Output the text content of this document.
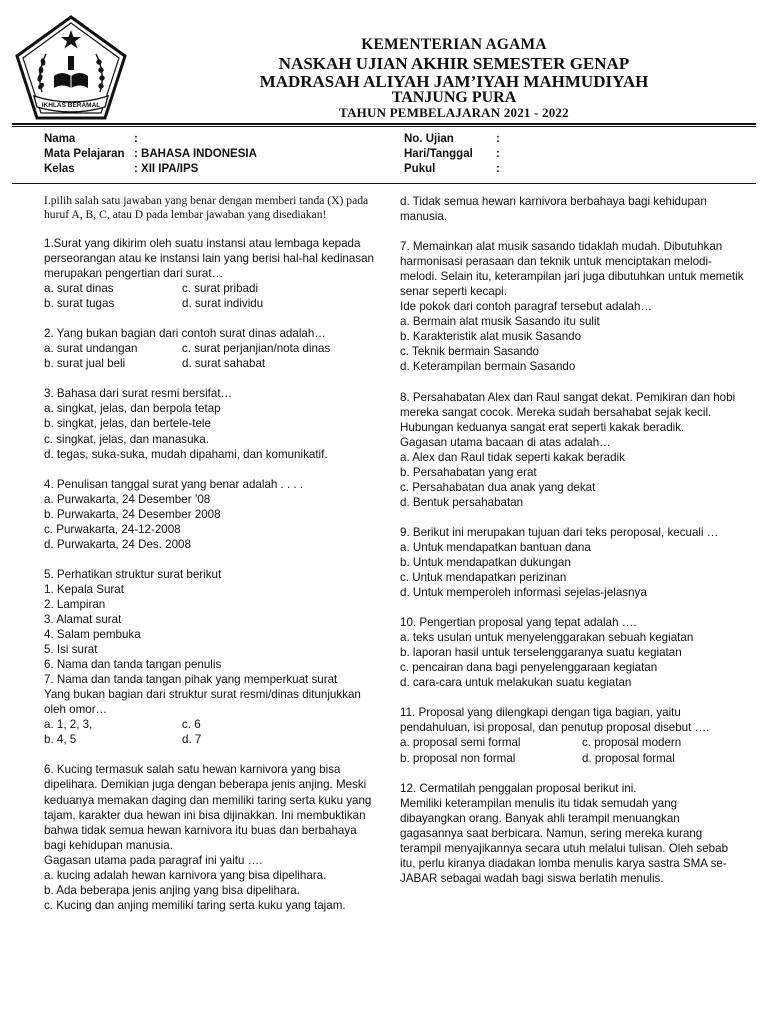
IKHLAS BERAMAL
KEMENTERIAN AGAMA
NASKAH UJIAN AKHIR SEMESTER GENAP
MADRASAH ALIYAH JAM’IYAH MAHMUDIYAH
TANJUNG PURA
TAHUN PEMBELAJARAN 2021 - 2022
Nama	:
Mata Pelajaran : BAHASA INDONESIA
Kelas	: XII IPA/IPS
No. Ujian	:
Hari/Tanggal :
Pukul	:

I.pilih salah satu jawaban yang benar dengan memberi tanda (X) pada huruf A, B, C, atau D pada lembar jawaban yang disediakan!

1.Surat yang dikirim oleh suatu instansi atau lembaga kepada perseorangan atau ke instansi lain yang berisi hal-hal kedinasan merupakan pengertian dari surat…

a. surat dinas	c. surat pribadi
b. surat tugas	d. surat individu

2. Yang bukan bagian dari contoh surat dinas adalah…

a. surat undangan	c. surat perjanjian/nota dinas
b. surat jual beli	d. surat sahabat

3. Bahasa dari surat resmi bersifat…

a. singkat, jelas, dan berpola tetap

b. singkat, jelas, dan bertele-tele

c. singkat, jelas, dan manasuka.

d. tegas, suka-suka, mudah dipahami, dan komunikatif.

4. Penulisan tanggal surat yang benar adalah . . . .

a. Purwakarta, 24 Desember ’08

b. Purwakarta, 24 Desember 2008

c. Purwakarta, 24-12-2008

d. Purwakarta, 24 Des. 2008

5. Perhatikan struktur surat berikut

1. Kepala Surat

2. Lampiran

3. Alamat surat

4. Salam pembuka

5. Isi surat

6. Nama dan tanda tangan penulis

7. Nama dan tanda tangan pihak yang memperkuat surat

Yang bukan bagian dari struktur surat resmi/dinas ditunjukkan oleh omor…

a. 1, 2, 3,	c. 6
b. 4, 5	d. 7

6. Kucing termasuk salah satu hewan karnivora yang bisa dipelihara. Demikian juga dengan beberapa jenis anjing. Meski keduanya memakan daging dan memiliki taring serta kuku yang tajam, karakter dua hewan ini bisa dijinakkan. Ini membuktikan bahwa tidak semua hewan karnivora itu buas dan berbahaya bagi kehidupan manusia.

Gagasan utama pada paragraf ini yaitu ….

a. kucing adalah hewan karnivora yang bisa dipelihara.

b. Ada beberapa jenis anjing yang bisa dipelihara.

c. Kucing dan anjing memiliki taring serta kuku yang tajam.

d. Tidak semua hewan karnivora berbahaya bagi kehidupan manusia.

7. Memainkan alat musik sasando tidaklah mudah. Dibutuhkan harmonisasi perasaan dan teknik untuk menciptakan melodi-melodi. Selain itu, keterampilan jari juga dibutuhkan untuk memetik senar seperti kecapi.

Ide pokok dari contoh paragraf tersebut adalah…

a. Bermain alat musik Sasando itu sulit

b. Karakteristik alat musik Sasando

c. Teknik bermain Sasando

d. Keterampilan bermain Sasando

8. Persahabatan Alex dan Raul sangat dekat. Pemikiran dan hobi mereka sangat cocok. Mereka sudah bersahabat sejak kecil. Hubungan keduanya sangat erat seperti kakak beradik.

Gagasan utama bacaan di atas adalah…

a. Alex dan Raul tidak seperti kakak beradik

b. Persahabatan yang erat

c. Persahabatan dua anak yang dekat

d. Bentuk persahabatan

9. Berikut ini merupakan tujuan dari teks peroposal, kecuali …

a. Untuk mendapatkan bantuan dana

b. Untuk mendapatkan dukungan

c. Untuk mendapatkan perizinan

d. Untuk memperoleh informasi sejelas-jelasnya

10. Pengertian proposal yang tepat adalah ….

a. teks usulan untuk menyelenggarakan sebuah kegiatan

b. laporan hasil untuk terselenggaranya suatu kegiatan

c. pencairan dana bagi penyelenggaraan kegiatan

d. cara-cara untuk melakukan suatu kegiatan

11. Proposal yang dilengkapi dengan tiga bagian, yaitu pendahuluan, isi proposal, dan penutup proposal disebut ….

a. proposal semi formal	c. proposal modern
b. proposal non formal	d. proposal formal

12. Cermatilah penggalan proposal berikut ini.

Memiliki keterampilan menulis itu tidak semudah yang dibayangkan orang. Banyak ahli terampil menuangkan gagasannya saat berbicara. Namun, sering mereka kurang terampil menyajikannya secara utuh melalui tulisan. Oleh sebab itu, perlu kiranya diadakan lomba menulis karya sastra SMA se-JABAR sebagai wadah bagi siswa berlatih menulis.
